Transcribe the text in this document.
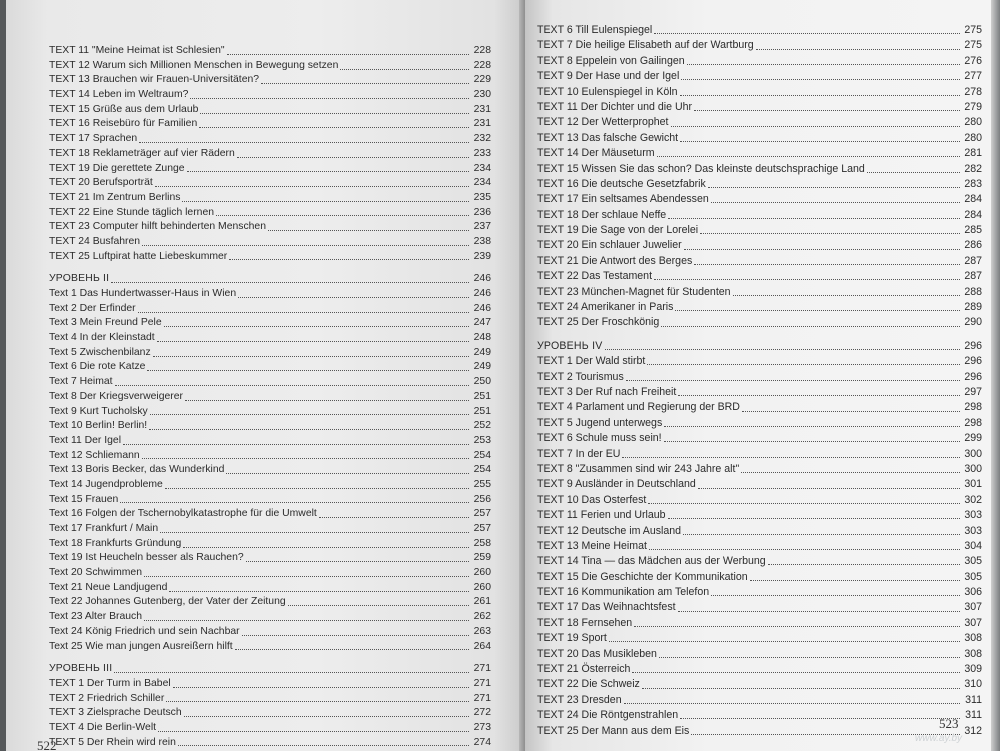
TEXT 11 "Meine Heimat ist Schlesien"	228
TEXT 12 Warum sich Millionen Menschen in Bewegung setzen	228
TEXT 13 Brauchen wir Frauen-Universitäten?	229
TEXT 14 Leben im Weltraum?	230
TEXT 15 Grüße aus dem Urlaub	231
TEXT 16 Reisebüro für Familien	231
TEXT 17 Sprachen	232
TEXT 18 Reklameträger auf vier Rädern	233
TEXT 19 Die gerettete Zunge	234
TEXT 20 Berufsporträt	234
TEXT 21 Im Zentrum Berlins	235
TEXT 22 Eine Stunde täglich lernen	236
TEXT 23 Computer hilft behinderten Menschen	237
TEXT 24 Busfahren	238
TEXT 25 Luftpirat hatte Liebeskummer	239
УРОВЕНЬ II	246
Text 1 Das Hundertwasser-Haus in Wien	246
Text 2 Der Erfinder	246
Text 3 Mein Freund Pele	247
Text 4 In der Kleinstadt	248
Text 5 Zwischenbilanz	249
Text 6 Die rote Katze	249
Text 7 Heimat	250
Text 8 Der Kriegsverweigerer	251
Text 9 Kurt Tucholsky	251
Text 10 Berlin! Berlin!	252
Text 11 Der Igel	253
Text 12 Schliemann	254
Text 13 Boris Becker, das Wunderkind	254
Text 14 Jugendprobleme	255
Text 15 Frauen	256
Text 16 Folgen der Tschernobylkatastrophe für die Umwelt	257
Text 17 Frankfurt / Main	257
Text 18 Frankfurts Gründung	258
Text 19 Ist Heucheln besser als Rauchen?	259
Text 20 Schwimmen	260
Text 21 Neue Landjugend	260
Text 22 Johannes Gutenberg, der Vater der Zeitung	261
Text 23 Alter Brauch	262
Text 24 König Friedrich und sein Nachbar	263
Text 25 Wie man jungen Ausreißern hilft	264
УРОВЕНЬ III	271
TEXT 1 Der Turm in Babel	271
TEXT 2 Friedrich Schiller	271
TEXT 3 Zielsprache Deutsch	272
TEXT 4 Die Berlin-Welt	273
TEXT 5 Der Rhein wird rein	274
522
TEXT 6 Till Eulenspiegel	275
TEXT 7 Die heilige Elisabeth auf der Wartburg	275
TEXT 8 Eppelein von Gailingen	276
TEXT 9 Der Hase und der Igel	277
TEXT 10 Eulenspiegel in Köln	278
TEXT 11 Der Dichter und die Uhr	279
TEXT 12 Der Wetterprophet	280
TEXT 13 Das falsche Gewicht	280
TEXT 14 Der Mäuseturm	281
TEXT 15 Wissen Sie das schon? Das kleinste deutschsprachige Land	282
TEXT 16 Die deutsche Gesetzfabrik	283
TEXT 17 Ein seltsames Abendessen	284
TEXT 18 Der schlaue Neffe	284
TEXT 19 Die Sage von der Lorelei	285
TEXT 20 Ein schlauer Juwelier	286
TEXT 21 Die Antwort des Berges	287
TEXT 22 Das Testament	287
TEXT 23 München-Magnet für Studenten	288
TEXT 24 Amerikaner in Paris	289
TEXT 25 Der Froschkönig	290
УРОВЕНЬ IV	296
TEXT 1 Der Wald stirbt	296
TEXT 2 Tourismus	296
TEXT 3 Der Ruf nach Freiheit	297
TEXT 4 Parlament und Regierung der BRD	298
TEXT 5 Jugend unterwegs	298
TEXT 6 Schule muss sein!	299
TEXT 7 In der EU	300
TEXT 8 "Zusammen sind wir 243 Jahre alt"	300
TEXT 9 Ausländer in Deutschland	301
TEXT 10 Das Osterfest	302
TEXT 11 Ferien und Urlaub	303
TEXT 12 Deutsche im Ausland	303
TEXT 13 Meine Heimat	304
TEXT 14 Tina — das Mädchen aus der Werbung	305
TEXT 15 Die Geschichte der Kommunikation	305
TEXT 16 Kommunikation am Telefon	306
TEXT 17 Das Weihnachtsfest	307
TEXT 18 Fernsehen	307
TEXT 19 Sport	308
TEXT 20 Das Musikleben	308
TEXT 21 Österreich	309
TEXT 22 Die Schweiz	310
TEXT 23 Dresden	311
TEXT 24 Die Röntgenstrahlen	311
TEXT 25 Der Mann aus dem Eis	312
523
www.ay.by
